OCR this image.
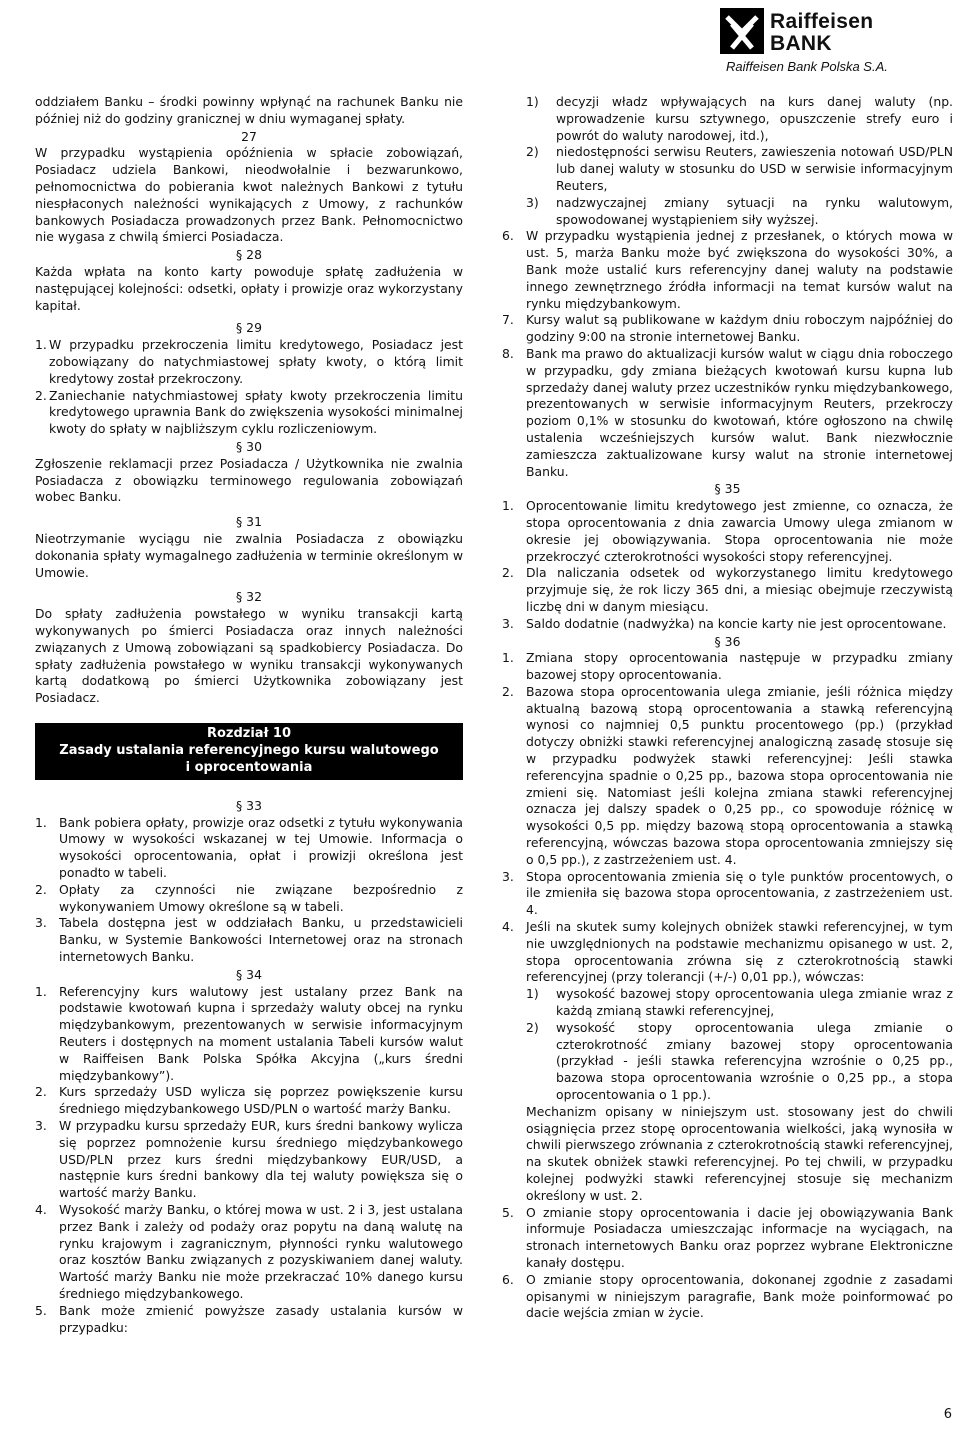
Raiffeisen
BANK
Raiffeisen Bank Polska S.A.

oddziałem Banku – środki powinny wpłynąć na rachunek Banku nie później niż do godziny granicznej w dniu wymaganej spłaty.

27

W przypadku wystąpienia opóźnienia w spłacie zobowiązań, Posiadacz udziela Bankowi, nieodwołalnie i bezwarunkowo, pełnomocnictwa do pobierania kwot należnych Bankowi z tytułu niespłaconych należności wynikających z Umowy, z rachunków bankowych Posiadacza prowadzonych przez Bank. Pełnomocnictwo nie wygasa z chwilą śmierci Posiadacza.

§ 28

Każda wpłata na konto karty powoduje spłatę zadłużenia w następującej kolejności: odsetki, opłaty i prowizje oraz wykorzystany kapitał.

§ 29

1. W przypadku przekroczenia limitu kredytowego, Posiadacz jest zobowiązany do natychmiastowej spłaty kwoty, o którą limit kredytowy został przekroczony.
2. Zaniechanie natychmiastowej spłaty kwoty przekroczenia limitu kredytowego uprawnia Bank do zwiększenia wysokości minimalnej kwoty do spłaty w najbliższym cyklu rozliczeniowym.

§ 30

Zgłoszenie reklamacji przez Posiadacza / Użytkownika nie zwalnia Posiadacza z obowiązku terminowego regulowania zobowiązań wobec Banku.

§ 31

Nieotrzymanie wyciągu nie zwalnia Posiadacza z obowiązku dokonania spłaty wymagalnego zadłużenia w terminie określonym w Umowie.

§ 32

Do spłaty zadłużenia powstałego w wyniku transakcji kartą wykonywanych po śmierci Posiadacza oraz innych należności związanych z Umową zobowiązani są spadkobiercy Posiadacza. Do spłaty zadłużenia powstałego w wyniku transakcji wykonywanych kartą dodatkową po śmierci Użytkownika zobowiązany jest Posiadacz.

Rozdział 10
Zasady ustalania referencyjnego kursu walutowego
i oprocentowania

§ 33

1. Bank pobiera opłaty, prowizje oraz odsetki z tytułu wykonywania Umowy w wysokości wskazanej w tej Umowie. Informacja o wysokości oprocentowania, opłat i prowizji określona jest ponadto w tabeli.
2. Opłaty za czynności nie związane bezpośrednio z wykonywaniem Umowy określone są w tabeli.
3. Tabela dostępna jest w oddziałach Banku, u przedstawicieli Banku, w Systemie Bankowości Internetowej oraz na stronach internetowych Banku.

§ 34

1. Referencyjny kurs walutowy jest ustalany przez Bank na podstawie kwotowań kupna i sprzedaży waluty obcej na rynku międzybankowym, prezentowanych w serwisie informacyjnym Reuters i dostępnych na moment ustalania Tabeli kursów walut w Raiffeisen Bank Polska Spółka Akcyjna („kurs średni międzybankowy”).
2. Kurs sprzedaży USD wylicza się poprzez powiększenie kursu średniego międzybankowego USD/PLN o wartość marży Banku.
3. W przypadku kursu sprzedaży EUR, kurs średni bankowy wylicza się poprzez pomnożenie kursu średniego międzybankowego USD/PLN przez kurs średni międzybankowy EUR/USD, a następnie kurs średni bankowy dla tej waluty powiększa się o wartość marży Banku.
4. Wysokość marży Banku, o której mowa w ust. 2 i 3, jest ustalana przez Bank i zależy od podaży oraz popytu na daną walutę na rynku krajowym i zagranicznym, płynności rynku walutowego oraz kosztów Banku związanych z pozyskiwaniem danej waluty. Wartość marży Banku nie może przekraczać 10% danego kursu średniego międzybankowego.
5. Bank może zmienić powyższe zasady ustalania kursów w przypadku:
1)	decyzji władz wpływających na kurs danej waluty (np. wprowadzenie kursu sztywnego, opuszczenie strefy euro i powrót do waluty narodowej, itd.),
2)	niedostępności serwisu Reuters, zawieszenia notowań USD/PLN lub danej waluty w stosunku do USD w serwisie informacyjnym Reuters,
3)	nadzwyczajnej zmiany sytuacji na rynku walutowym, spowodowanej wystąpieniem siły wyższej.
6. W przypadku wystąpienia jednej z przesłanek, o których mowa w ust. 5, marża Banku może być zwiększona do wysokości 30%, a Bank może ustalić kurs referencyjny danej waluty na podstawie innego zewnętrznego źródła informacji na temat kursów walut na rynku międzybankowym.
7. Kursy walut są publikowane w każdym dniu roboczym najpóźniej do godziny 9:00 na stronie internetowej Banku.
8. Bank ma prawo do aktualizacji kursów walut w ciągu dnia roboczego w przypadku, gdy zmiana bieżących kwotowań kursu kupna lub sprzedaży danej waluty przez uczestników rynku międzybankowego, prezentowanych w serwisie informacyjnym Reuters, przekroczy poziom 0,1% w stosunku do kwotowań, które ogłoszono na chwilę ustalenia wcześniejszych kursów walut. Bank niezwłocznie zamieszcza zaktualizowane kursy walut na stronie internetowej Banku.

§ 35

1. Oprocentowanie limitu kredytowego jest zmienne, co oznacza, że stopa oprocentowania z dnia zawarcia Umowy ulega zmianom w okresie jej obowiązywania. Stopa oprocentowania nie może przekroczyć czterokrotności wysokości stopy referencyjnej.
2. Dla naliczania odsetek od wykorzystanego limitu kredytowego przyjmuje się, że rok liczy 365 dni, a miesiąc obejmuje rzeczywistą liczbę dni w danym miesiącu.
3. Saldo dodatnie (nadwyżka) na koncie karty nie jest oprocentowane.

§ 36

1. Zmiana stopy oprocentowania następuje w przypadku zmiany bazowej stopy oprocentowania.
2. Bazowa stopa oprocentowania ulega zmianie, jeśli różnica między aktualną bazową stopą oprocentowania a stawką referencyjną wynosi co najmniej 0,5 punktu procentowego (pp.) (przykład dotyczy obniżki stawki referencyjnej analogiczną zasadę stosuje się w przypadku podwyżek stawki referencyjnej: Jeśli stawka referencyjna spadnie o 0,25 pp., bazowa stopa oprocentowania nie zmieni się. Natomiast jeśli kolejna zmiana stawki referencyjnej oznacza jej dalszy spadek o 0,25 pp., co spowoduje różnicę w wysokości 0,5 pp. między bazową stopą oprocentowania a stawką referencyjną, wówczas bazowa stopa oprocentowania zmniejszy się o 0,5 pp.), z zastrzeżeniem ust. 4.
3. Stopa oprocentowania zmienia się o tyle punktów procentowych, o ile zmieniła się bazowa stopa oprocentowania, z zastrzeżeniem ust. 4.
4. Jeśli na skutek sumy kolejnych obniżek stawki referencyjnej, w tym nie uwzględnionych na podstawie mechanizmu opisanego w ust. 2, stopa oprocentowania zrówna się z czterokrotnością stawki referencyjnej (przy tolerancji (+/-) 0,01 pp.), wówczas:
1)	wysokość bazowej stopy oprocentowania ulega zmianie wraz z każdą zmianą stawki referencyjnej,
2)	wysokość stopy oprocentowania ulega zmianie o czterokrotność zmiany bazowej stopy oprocentowania (przykład - jeśli stawka referencyjna wzrośnie o 0,25 pp., bazowa stopa oprocentowania wzrośnie o 0,25 pp., a stopa oprocentowania o 1 pp.).

Mechanizm opisany w niniejszym ust. stosowany jest do chwili osiągnięcia przez stopę oprocentowania wielkości, jaką wynosiła w chwili pierwszego zrównania z czterokrotnością stawki referencyjnej, na skutek obniżek stawki referencyjnej. Po tej chwili, w przypadku kolejnej podwyżki stawki referencyjnej stosuje się mechanizm określony w ust. 2.

5. O zmianie stopy oprocentowania i dacie jej obowiązywania Bank informuje Posiadacza umieszczając informacje na wyciągach, na stronach internetowych Banku oraz poprzez wybrane Elektroniczne kanały dostępu.
6. O zmianie stopy oprocentowania, dokonanej zgodnie z zasadami opisanymi w niniejszym paragrafie, Bank może poinformować po dacie wejścia zmian w życie.
6
